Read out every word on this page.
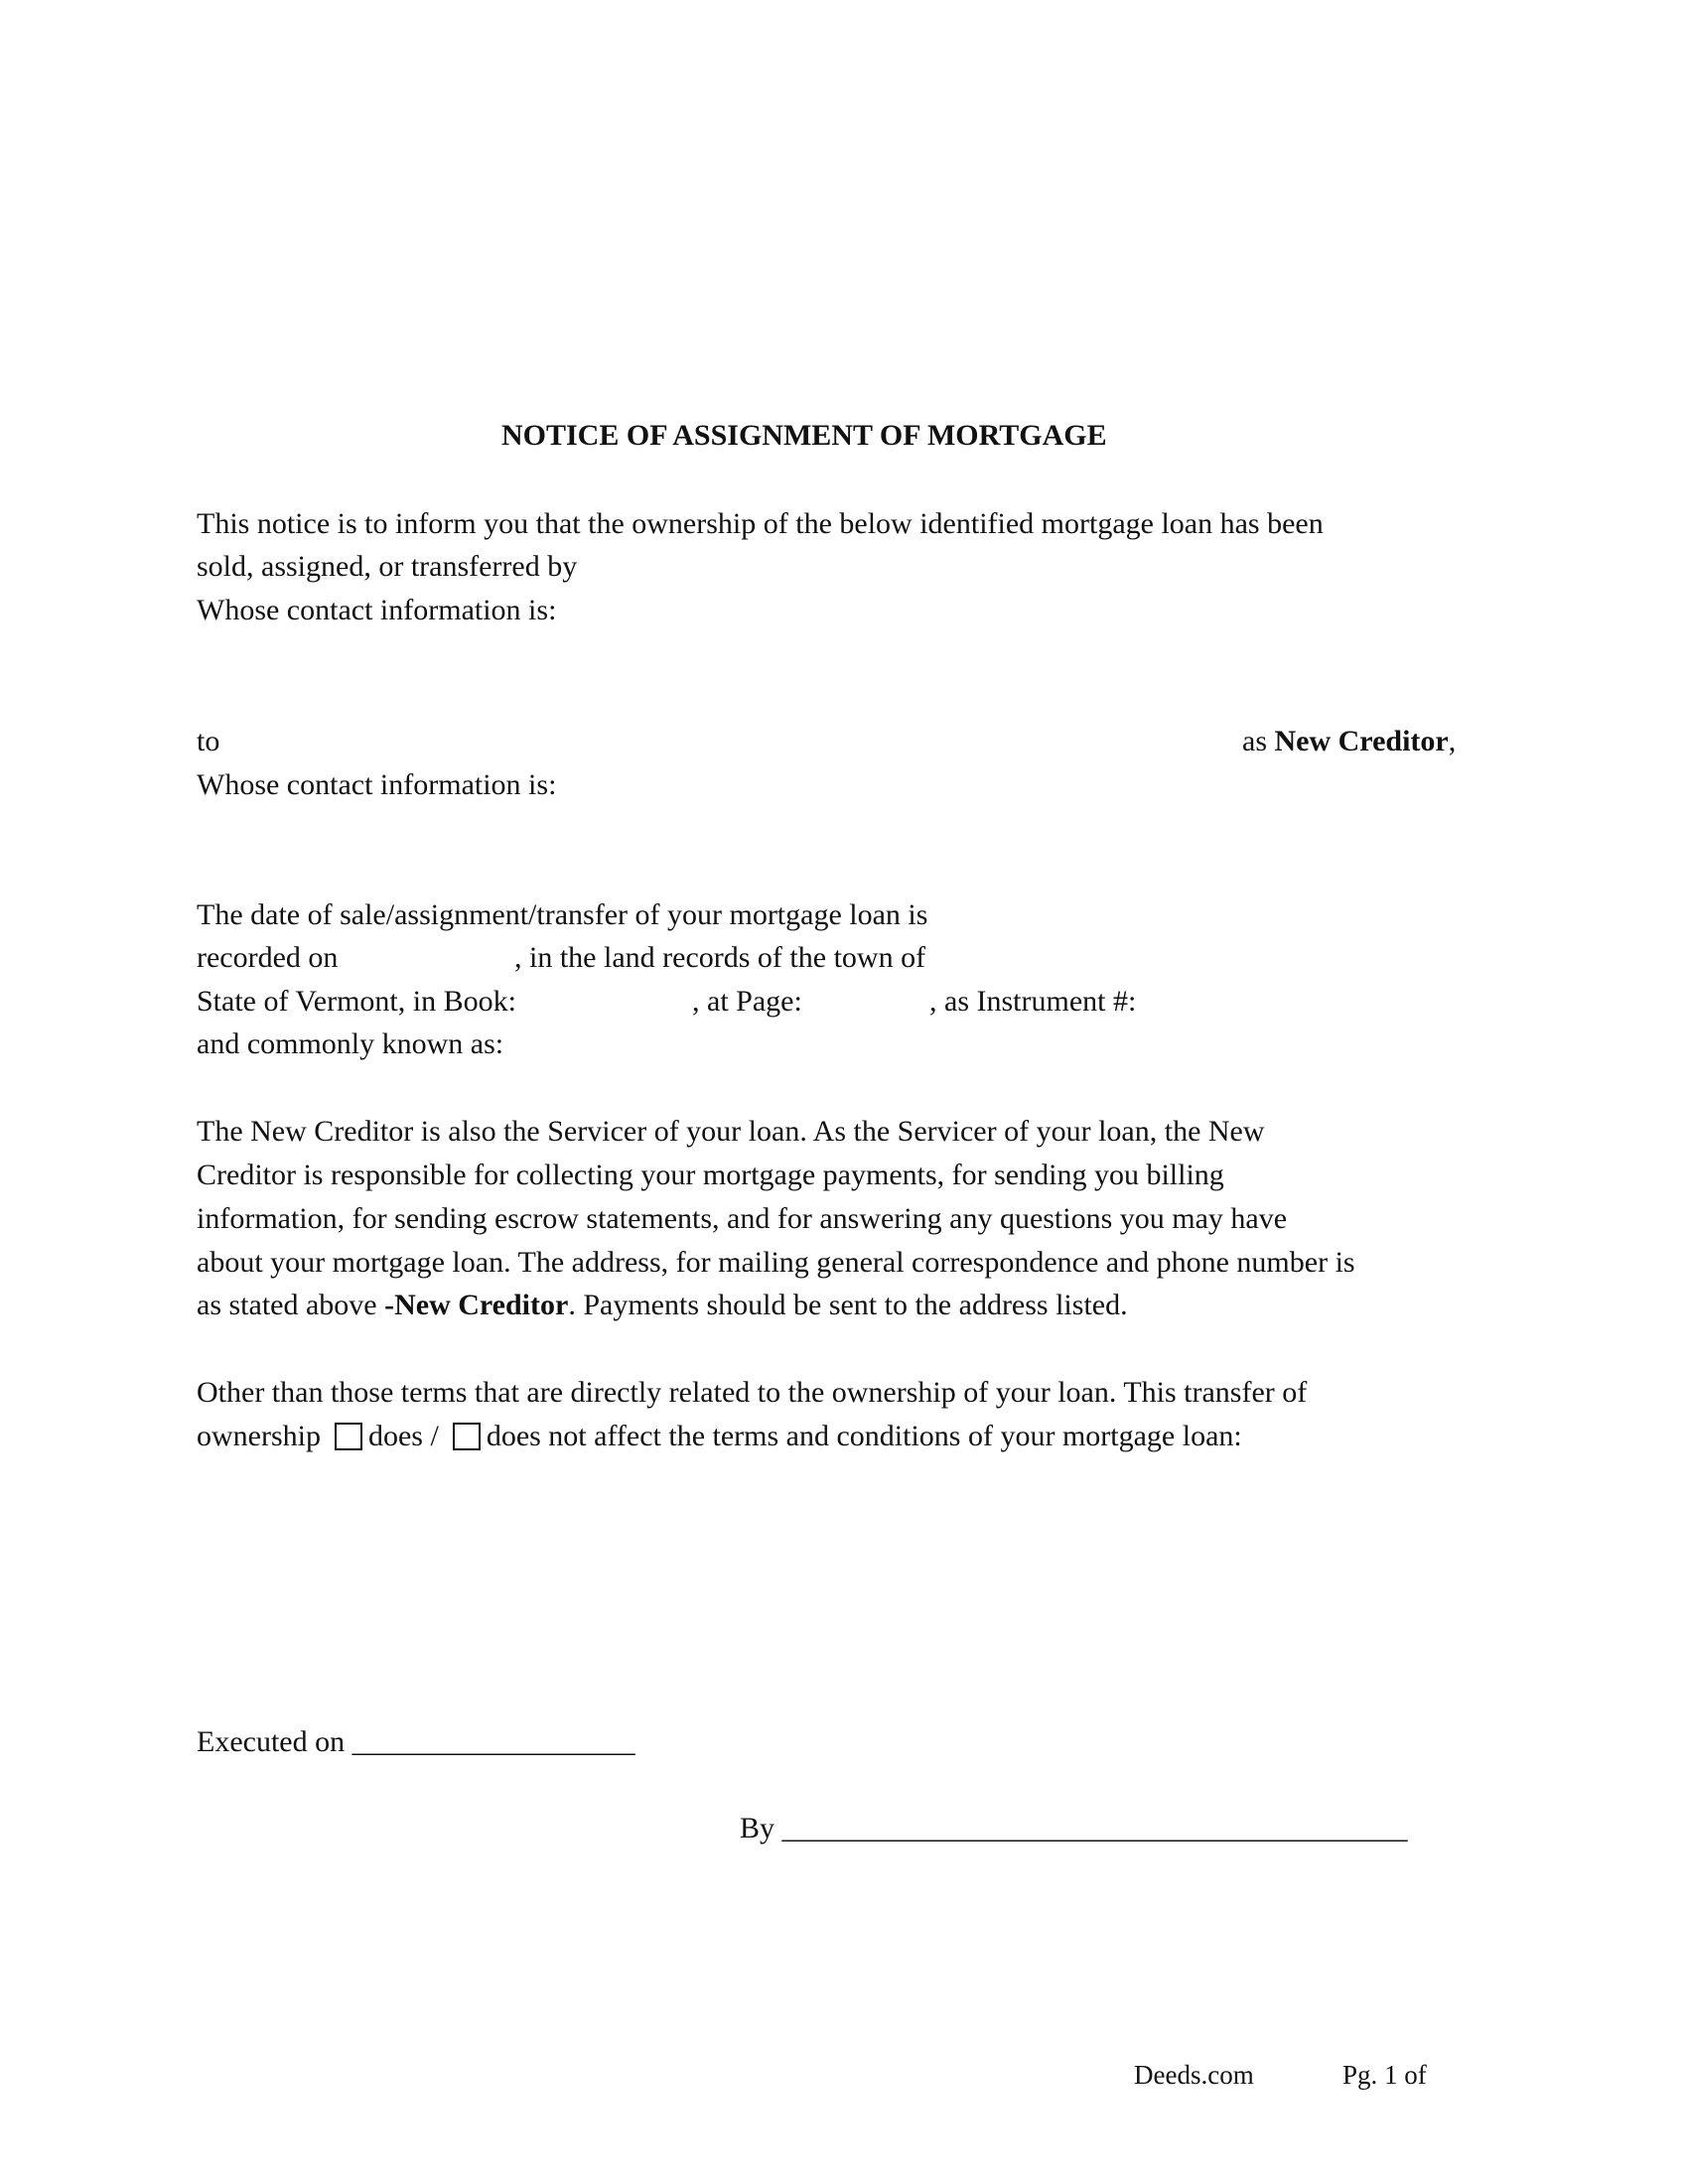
NOTICE OF ASSIGNMENT OF MORTGAGE
This notice is to inform you that the ownership of the below identified mortgage loan has been
sold, assigned, or transferred by
Whose contact information is:
to	as New Creditor,
Whose contact information is:
The date of sale/assignment/transfer of your mortgage loan is
recorded on	, in the land records of the town of
State of Vermont, in Book:	, at Page:	, as Instrument #:
and commonly known as:
The New Creditor is also the Servicer of your loan. As the Servicer of your loan, the New
Creditor is responsible for collecting your mortgage payments, for sending you billing
information, for sending escrow statements, and for answering any questions you may have
about your mortgage loan. The address, for mailing general correspondence and phone number is
as stated above -New Creditor. Payments should be sent to the address listed.
Other than those terms that are directly related to the ownership of your loan. This transfer of
ownership does / does not affect the terms and conditions of your mortgage loan:
Executed on ___________________
By __________________________________________
Deeds.com	Pg. 1 of
